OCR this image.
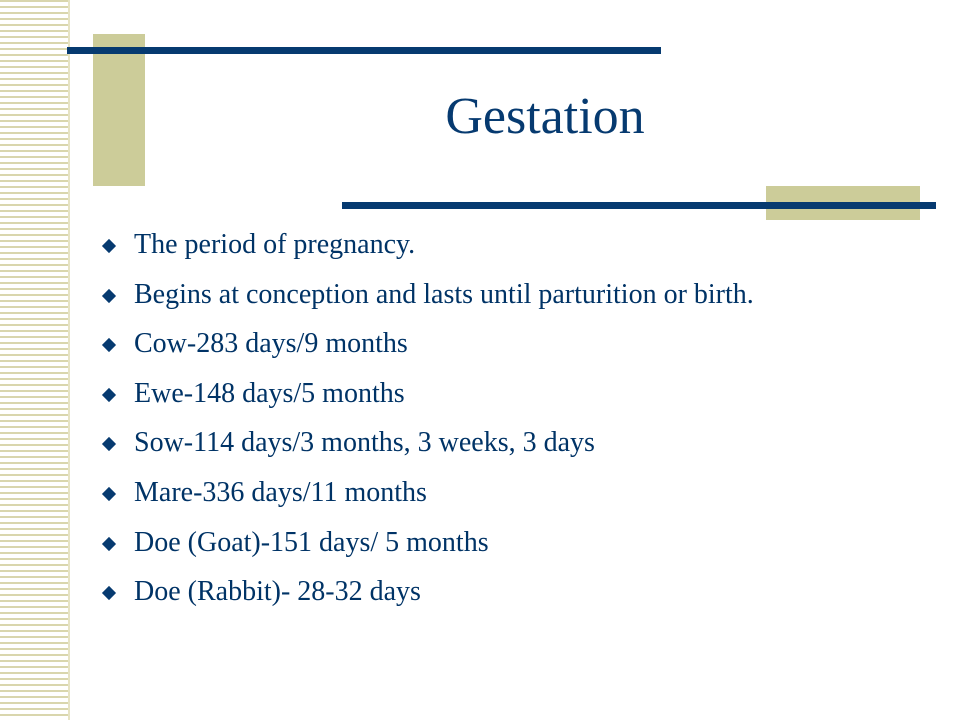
Gestation
The period of pregnancy.
Begins at conception and lasts until parturition or birth.
Cow-283 days/9 months
Ewe-148 days/5 months
Sow-114 days/3 months, 3 weeks, 3 days
Mare-336 days/11 months
Doe (Goat)-151 days/ 5 months
Doe (Rabbit)- 28-32 days
